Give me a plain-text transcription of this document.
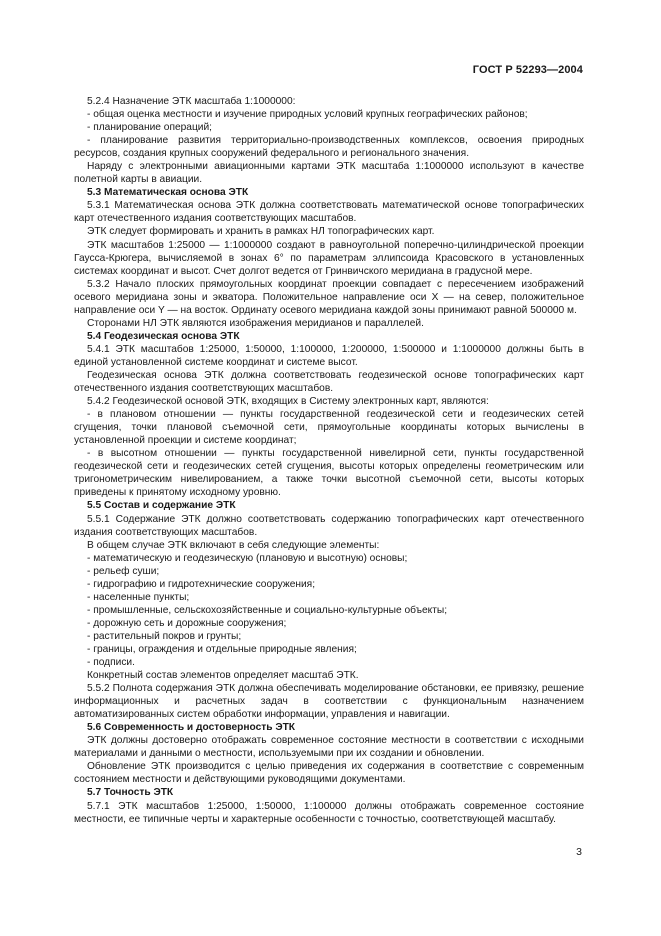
ГОСТ Р 52293—2004

5.2.4 Назначение ЭТК масштаба 1:1000000:

- общая оценка местности и изучение природных условий крупных географических районов;

- планирование операций;

- планирование развития территориально-производственных комплексов, освоения природных ресурсов, создания крупных сооружений федерального и регионального значения.

Наряду с электронными авиационными картами ЭТК масштаба 1:1000000 используют в качестве полетной карты в авиации.

5.3 Математическая основа ЭТК

5.3.1 Математическая основа ЭТК должна соответствовать математической основе топографических карт отечественного издания соответствующих масштабов.

ЭТК следует формировать и хранить в рамках НЛ топографических карт.

ЭТК масштабов 1:25000 — 1:1000000 создают в равноугольной поперечно-цилиндрической проекции Гаусса-Крюгера, вычисляемой в зонах 6° по параметрам эллипсоида Красовского в установленных системах координат и высот. Счет долгот ведется от Гринвичского меридиана в градусной мере.

5.3.2 Начало плоских прямоугольных координат проекции совпадает с пересечением изображений осевого меридиана зоны и экватора. Положительное направление оси X — на север, положительное направление оси Y — на восток. Ординату осевого меридиана каждой зоны принимают равной 500000 м.

Сторонами НЛ ЭТК являются изображения меридианов и параллелей.

5.4 Геодезическая основа ЭТК

5.4.1 ЭТК масштабов 1:25000, 1:50000, 1:100000, 1:200000, 1:500000 и 1:1000000 должны быть в единой установленной системе координат и системе высот.

Геодезическая основа ЭТК должна соответствовать геодезической основе топографических карт отечественного издания соответствующих масштабов.

5.4.2 Геодезической основой ЭТК, входящих в Систему электронных карт, являются:

- в плановом отношении — пункты государственной геодезической сети и геодезических сетей сгущения, точки плановой съемочной сети, прямоугольные координаты которых вычислены в установленной проекции и системе координат;

- в высотном отношении — пункты государственной нивелирной сети, пункты государственной геодезической сети и геодезических сетей сгущения, высоты которых определены геометрическим или тригонометрическим нивелированием, а также точки высотной съемочной сети, высоты которых приведены к принятому исходному уровню.

5.5 Состав и содержание ЭТК

5.5.1 Содержание ЭТК должно соответствовать содержанию топографических карт отечественного издания соответствующих масштабов.

В общем случае ЭТК включают в себя следующие элементы:

- математическую и геодезическую (плановую и высотную) основы;

- рельеф суши;

- гидрографию и гидротехнические сооружения;

- населенные пункты;

- промышленные, сельскохозяйственные и социально-культурные объекты;

- дорожную сеть и дорожные сооружения;

- растительный покров и грунты;

- границы, ограждения и отдельные природные явления;

- подписи.

Конкретный состав элементов определяет масштаб ЭТК.

5.5.2 Полнота содержания ЭТК должна обеспечивать моделирование обстановки, ее привязку, решение информационных и расчетных задач в соответствии с функциональным назначением автоматизированных систем обработки информации, управления и навигации.

5.6 Современность и достоверность ЭТК

ЭТК должны достоверно отображать современное состояние местности в соответствии с исходными материалами и данными о местности, используемыми при их создании и обновлении.

Обновление ЭТК производится с целью приведения их содержания в соответствие с современным состоянием местности и действующими руководящими документами.

5.7 Точность ЭТК

5.7.1 ЭТК масштабов 1:25000, 1:50000, 1:100000 должны отображать современное состояние местности, ее типичные черты и характерные особенности с точностью, соответствующей масштабу.

3
